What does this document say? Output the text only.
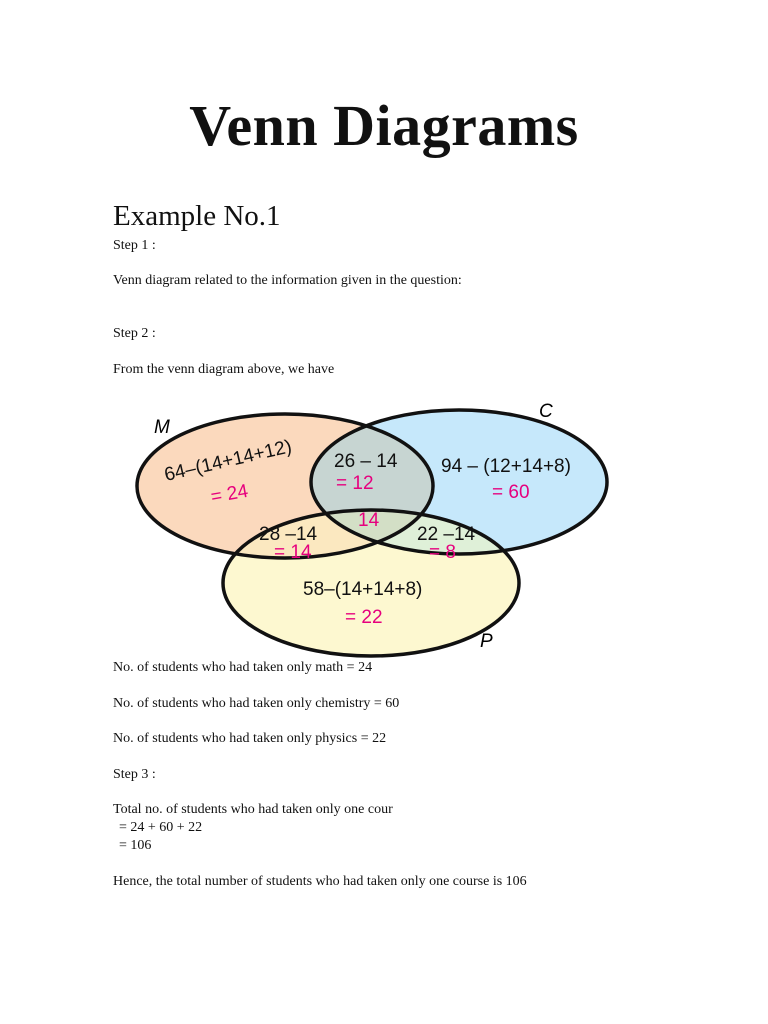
Venn Diagrams
Example No.1
Step 1 :
Venn diagram related to the information given in the question:
Step 2 :
From the venn diagram above, we have
M
C
P
64–(14+14+12)
= 24
94 – (12+14+8)
= 60
58–(14+14+8)
= 22
26 – 14
= 12
28 –14
= 14
22 –14
= 8
14
No. of students who had taken only math = 24
No. of students who had taken only chemistry = 60
No. of students who had taken only physics = 22
Step 3 :
Total no. of students who had taken only one cour
= 24 + 60 + 22
= 106
Hence, the total number of students who had taken only one course is 106
